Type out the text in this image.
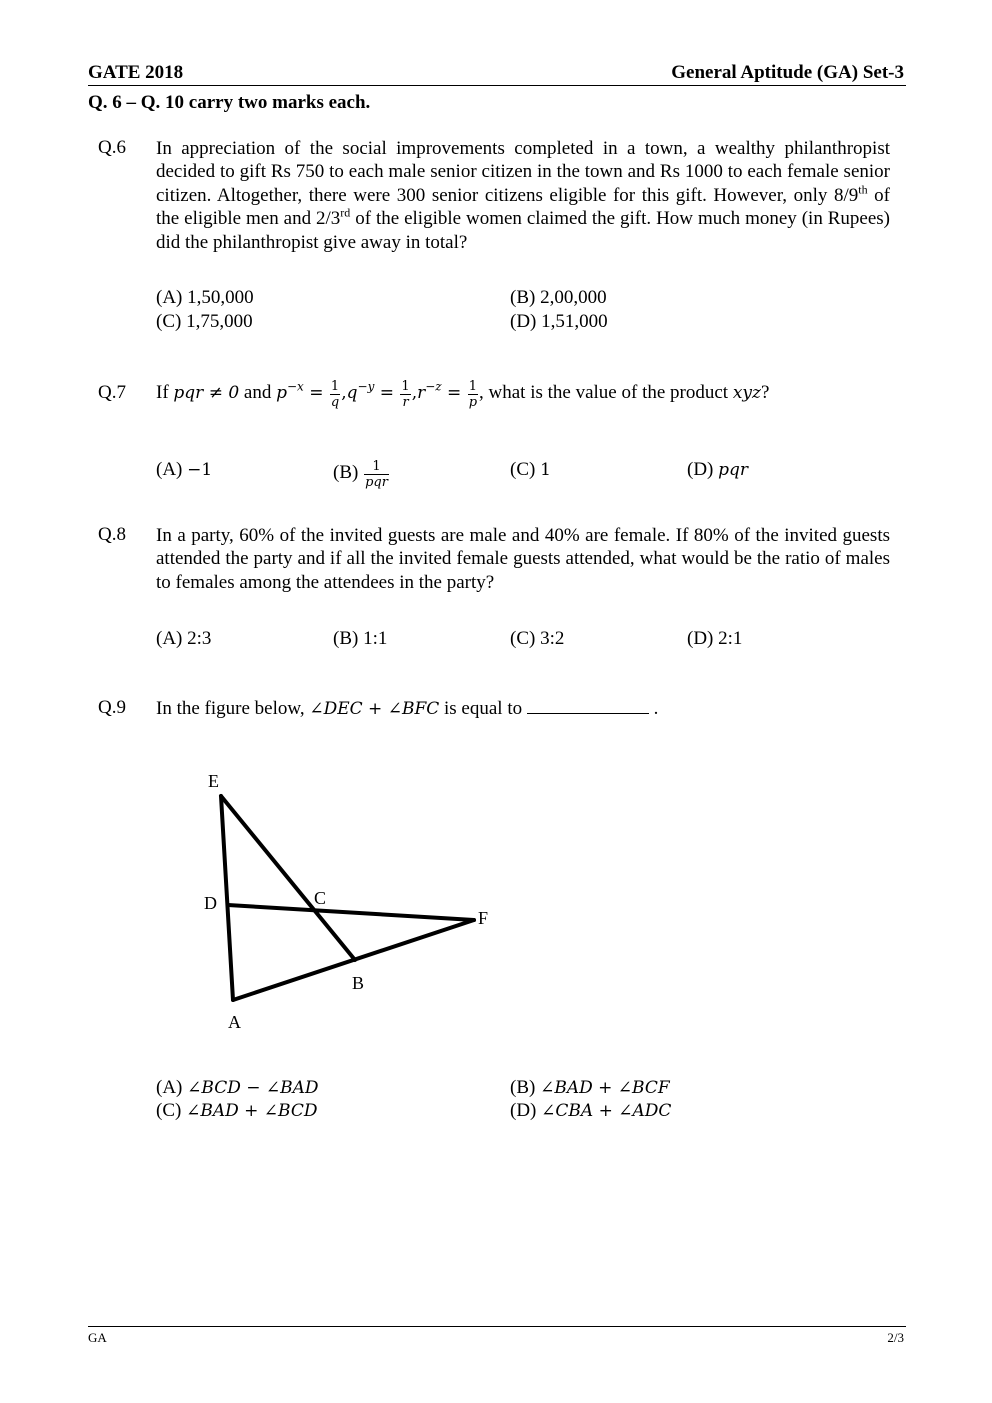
GATE 2018	General Aptitude (GA) Set-3
Q. 6 – Q. 10 carry two marks each.
Q.6 In appreciation of the social improvements completed in a town, a wealthy philanthropist decided to gift Rs 750 to each male senior citizen in the town and Rs 1000 to each female senior citizen. Altogether, there were 300 senior citizens eligible for this gift. However, only 8/9th of the eligible men and 2/3rd of the eligible women claimed the gift. How much money (in Rupees) did the philanthropist give away in total?
(A) 1,50,000	(B) 2,00,000
(C) 1,75,000	(D) 1,51,000
Q.7 If pqr ≠ 0 and $p^{-x} = \frac{1}{q} ,q^{-y} = \frac{1}{r} ,r^{-z} = \frac{1}{p}$ , what is the value of the product xyz?
(A) −1	$(B) \frac{1}{\text{pqr}}$	(C) 1	(D) pqr
Q.8 In a party, 60% of the invited guests are male and 40% are female. If 80% of the invited guests attended the party and if all the invited female guests attended, what would be the ratio of males to females among the attendees in the party?
(A) 2:3	(B) 1:1	(C) 3:2	(D) 2:1
Q.9 In the figure below, ∠DEC + ∠BFC is equal to	.
E
D	C
F
B
A
(A) ∠BCD − ∠BAD	(B) ∠BAD + ∠BCF
(C) ∠BAD + ∠BCD	(D) ∠CBA + ∠ADC
GA	2/3
